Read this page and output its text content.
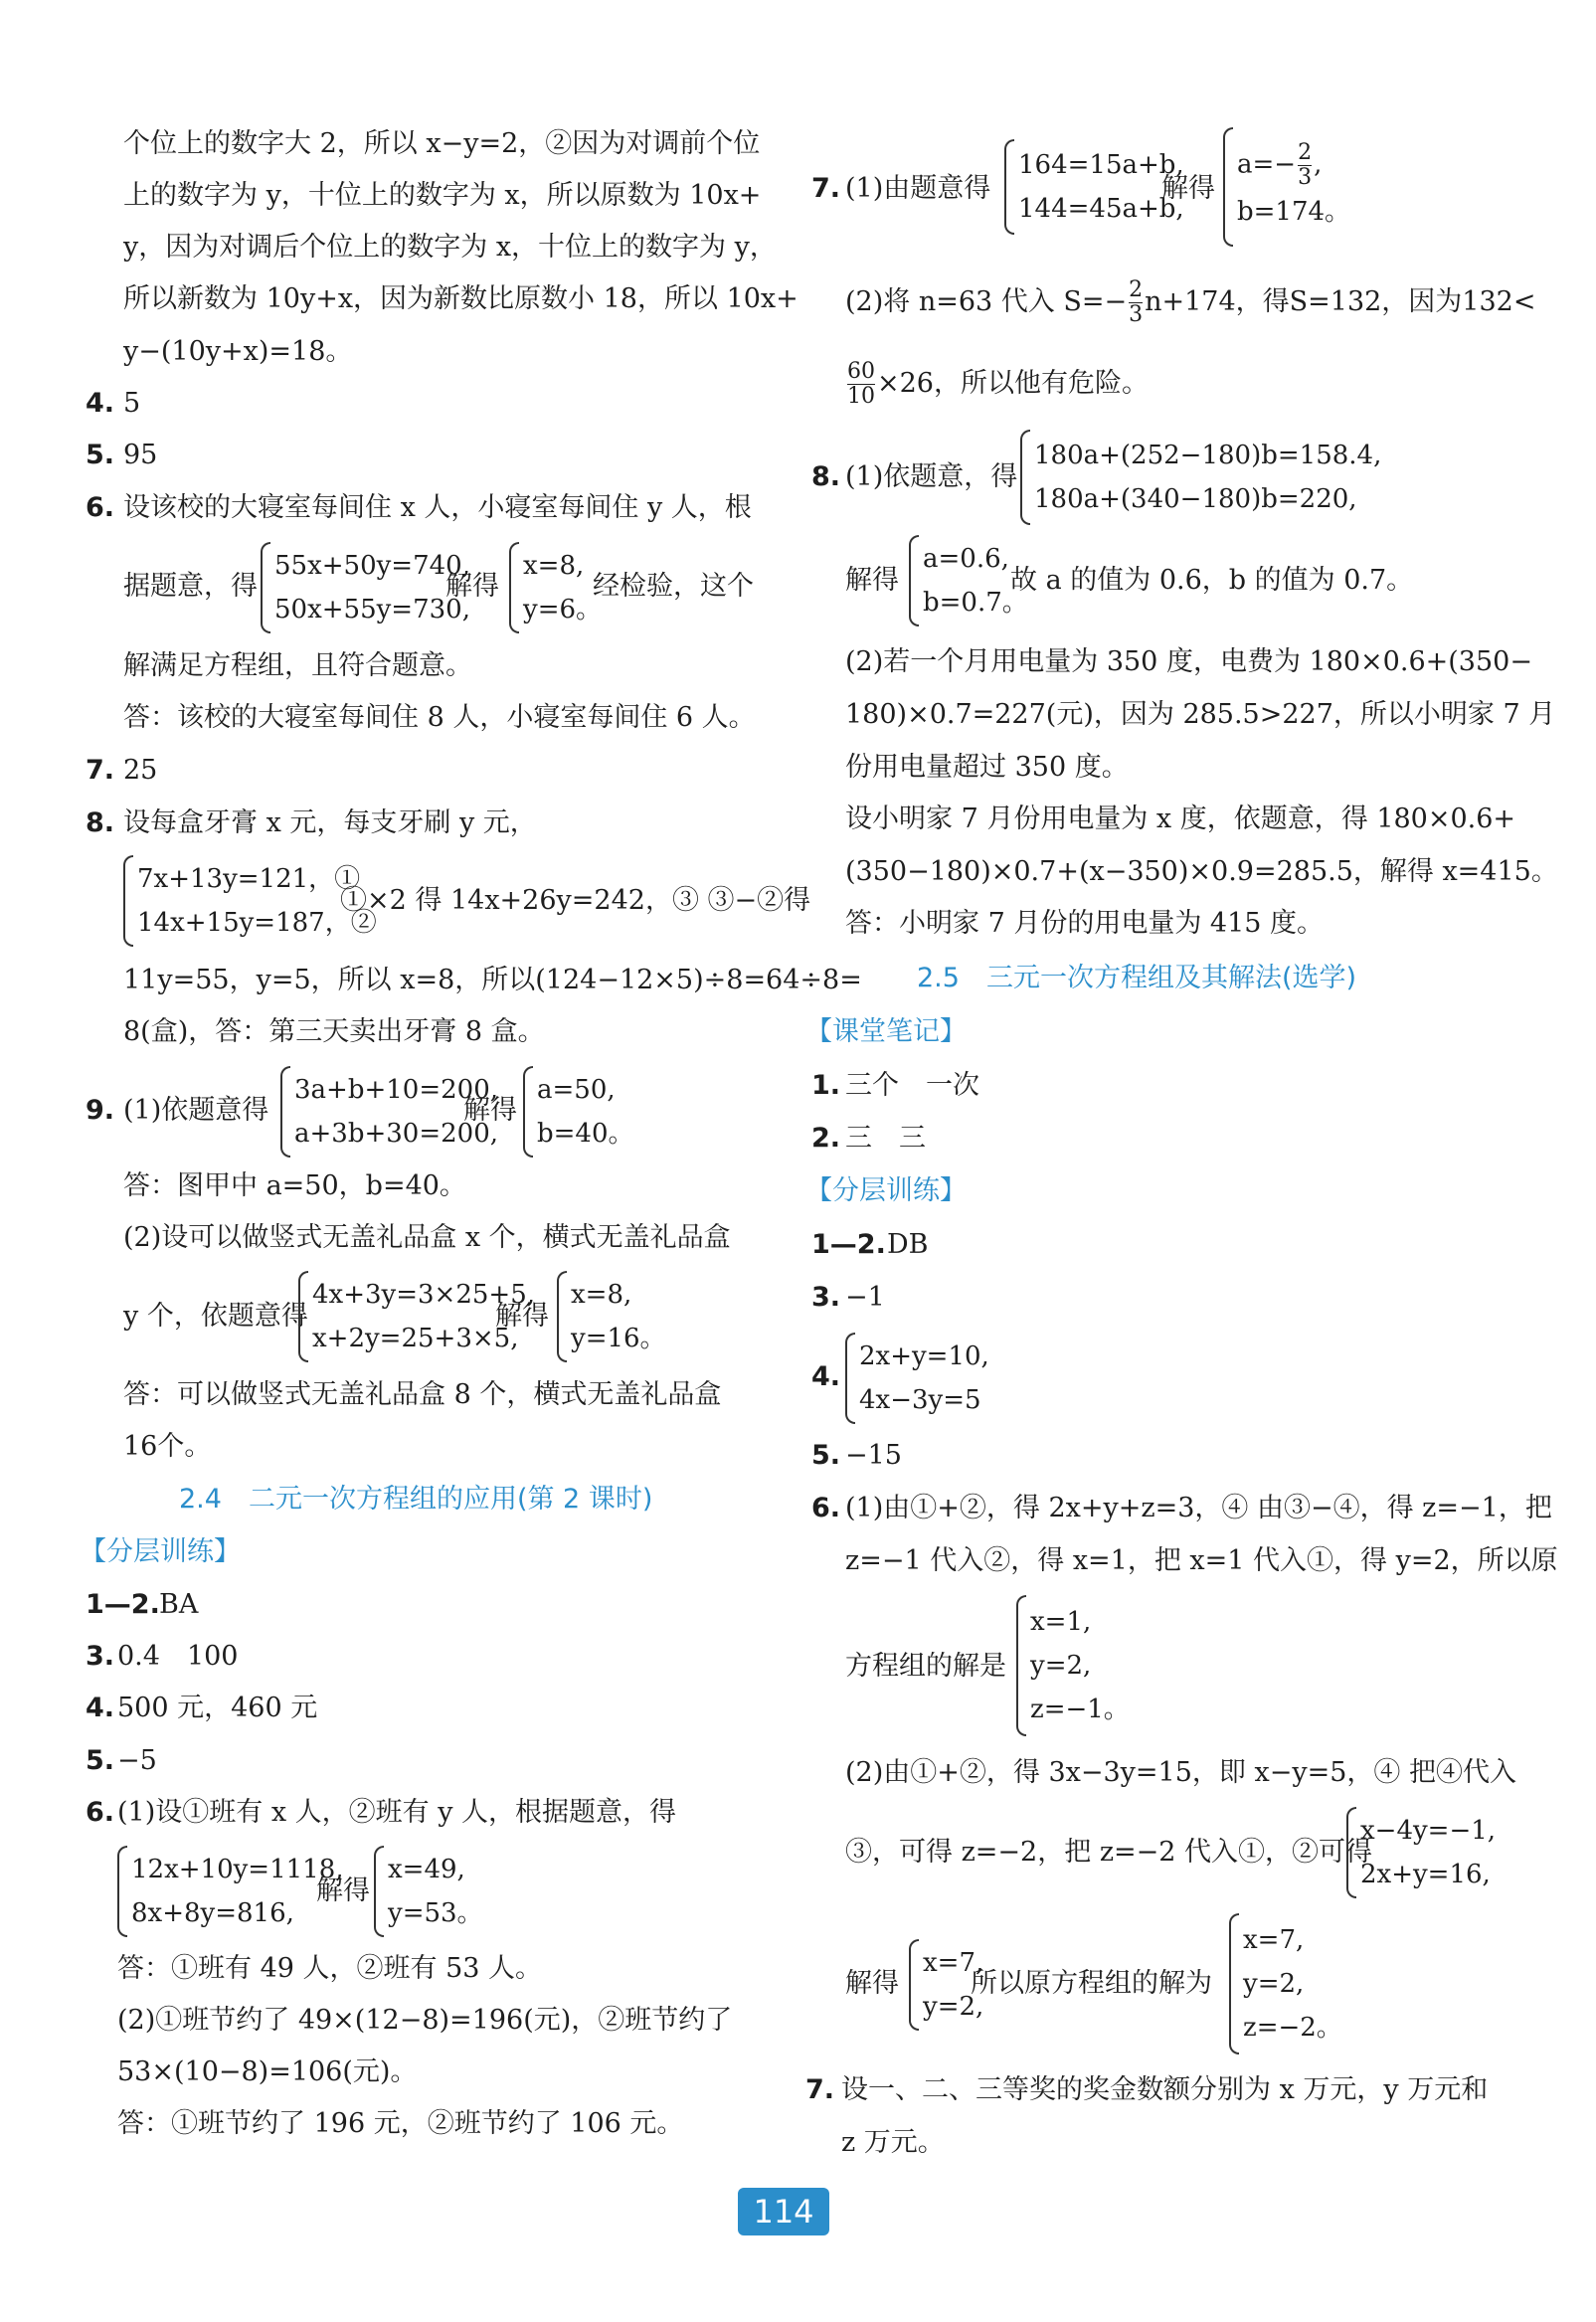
个位上的数字大 2，所以 x−y=2，②因为对调前个位
上的数字为 y，十位上的数字为 x，所以原数为 10x+
y，因为对调后个位上的数字为 x，十位上的数字为 y，
所以新数为 10y+x，因为新数比原数小 18，所以 10x+
y−(10y+x)=18。
4. 5
5. 95
6. 设该校的大寝室每间住 x 人，小寝室每间住 y 人，根
据题意，得
55x+50y=740,
50x+55y=730,
解得
x=8,
y=6。
经检验，这个
解满足方程组，且符合题意。
答：该校的大寝室每间住 8 人，小寝室每间住 6 人。
7. 25
8. 设每盒牙膏 x 元，每支牙刷 y 元，
7x+13y=121，①
14x+15y=187，②
①×2 得 14x+26y=242，③ ③−②得
11y=55，y=5，所以 x=8，所以(124−12×5)÷8=64÷8=
8(盒)，答：第三天卖出牙膏 8 盒。
9. (1)依题意得
3a+b+10=200,
a+3b+30=200,
解得
a=50,
b=40。
答：图甲中 a=50，b=40。
(2)设可以做竖式无盖礼品盒 x 个，横式无盖礼品盒
y 个，依题意得
4x+3y=3×25+5,
x+2y=25+3×5,
解得
x=8,
y=16。
答：可以做竖式无盖礼品盒 8 个，横式无盖礼品盒
16个。
2.4　二元一次方程组的应用(第 2 课时)
【分层训练】
1—2. BA
3. 0.4　100
4. 500 元，460 元
5. −5
6. (1)设①班有 x 人，②班有 y 人，根据题意，得
12x+10y=1118,
8x+8y=816,
解得
x=49,
y=53。
答：①班有 49 人，②班有 53 人。
(2)①班节约了 49×(12−8)=196(元)，②班节约了
53×(10−8)=106(元)。
答：①班节约了 196 元，②班节约了 106 元。
7. (1)由题意得
164=15a+b,
144=45a+b,
解得
$a=- \frac{2}{3}$ ,
b=174。
(2)将 n=63 代入 $S=- \frac{2}{3} n+174$，得S=132，因为132<
$\frac{60}{10} \times 26$，所以他有危险。
8. (1)依题意，得
180a+(252−180)b=158.4,
180a+(340−180)b=220,
解得
a=0.6,
b=0.7。
故 a 的值为 0.6，b 的值为 0.7。
(2)若一个月用电量为 350 度，电费为 180×0.6+(350−
180)×0.7=227(元)，因为 285.5>227，所以小明家 7 月
份用电量超过 350 度。
设小明家 7 月份用电量为 x 度，依题意，得 180×0.6+
(350−180)×0.7+(x−350)×0.9=285.5，解得 x=415。
答：小明家 7 月份的用电量为 415 度。
2.5　三元一次方程组及其解法(选学)
【课堂笔记】
1. 三个　一次
2. 三　三
【分层训练】
1—2. DB
3. −1
4.
2x+y=10,
4x−3y=5
5. −15
6. (1)由①+②，得 2x+y+z=3，④ 由③−④，得 z=−1，把
z=−1 代入②，得 x=1，把 x=1 代入①，得 y=2，所以原
方程组的解是
x=1,
y=2,
z=−1。
(2)由①+②，得 3x−3y=15，即 x−y=5，④ 把④代入
③，可得 z=−2，把 z=−2 代入①，②可得
x−4y=−1,
2x+y=16,
解得
x=7,
y=2,
所以原方程组的解为
x=7,
y=2,
z=−2。
7. 设一、二、三等奖的奖金数额分别为 x 万元，y 万元和
z 万元。
114
